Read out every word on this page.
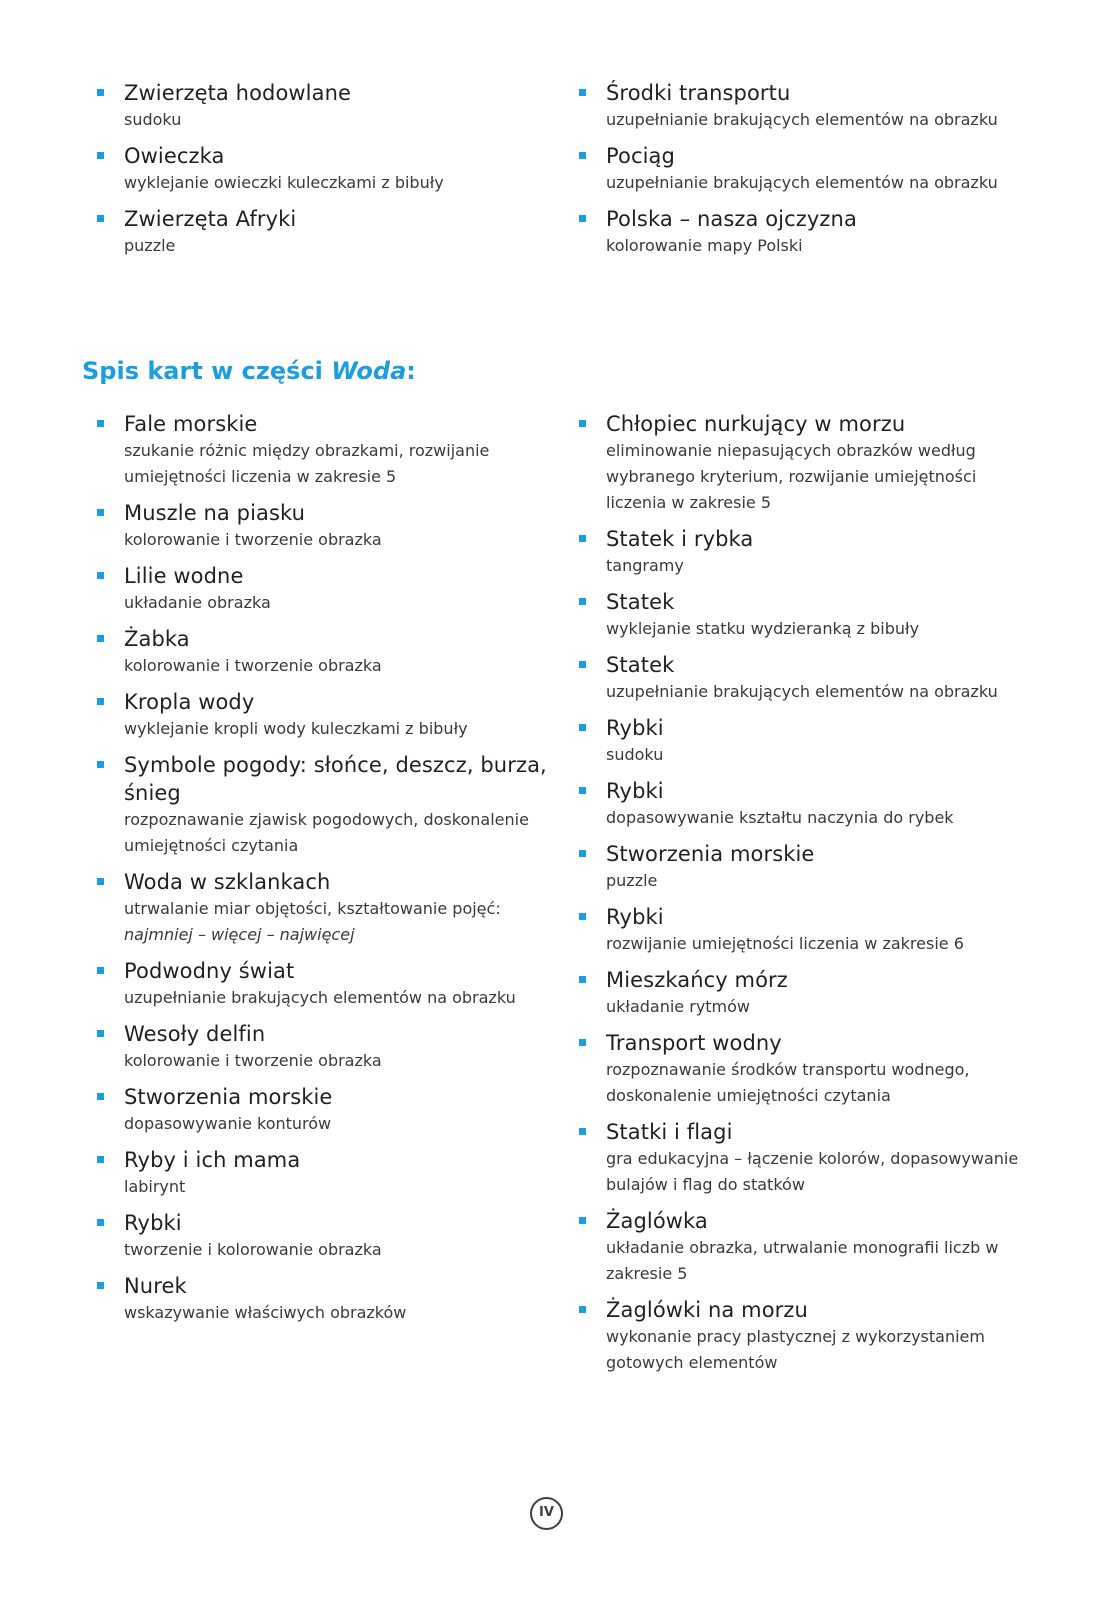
Zwierzęta hodowlane
sudoku
Owieczka
wyklejanie owieczki kuleczkami z bibuły
Zwierzęta Afryki
puzzle
Środki transportu
uzupełnianie brakujących elementów na obrazku
Pociąg
uzupełnianie brakujących elementów na obrazku
Polska – nasza ojczyzna
kolorowanie mapy Polski
Spis kart w części Woda:
Fale morskie
szukanie różnic między obrazkami, rozwijanie umiejętności liczenia w zakresie 5
Muszle na piasku
kolorowanie i tworzenie obrazka
Lilie wodne
układanie obrazka
Żabka
kolorowanie i tworzenie obrazka
Kropla wody
wyklejanie kropli wody kuleczkami z bibuły
Symbole pogody: słońce, deszcz, burza, śnieg
rozpoznawanie zjawisk pogodowych, doskonalenie umiejętności czytania
Woda w szklankach
utrwalanie miar objętości, kształtowanie pojęć:
najmniej – więcej – najwięcej
Podwodny świat
uzupełnianie brakujących elementów na obrazku
Wesoły delfin
kolorowanie i tworzenie obrazka
Stworzenia morskie
dopasowywanie konturów
Ryby i ich mama
labirynt
Rybki
tworzenie i kolorowanie obrazka
Nurek
wskazywanie właściwych obrazków
Chłopiec nurkujący w morzu
eliminowanie niepasujących obrazków według wybranego kryterium, rozwijanie umiejętności liczenia w zakresie 5
Statek i rybka
tangramy
Statek
wyklejanie statku wydzieranką z bibuły
Statek
uzupełnianie brakujących elementów na obrazku
Rybki
sudoku
Rybki
dopasowywanie kształtu naczynia do rybek
Stworzenia morskie
puzzle
Rybki
rozwijanie umiejętności liczenia w zakresie 6
Mieszkańcy mórz
układanie rytmów
Transport wodny
rozpoznawanie środków transportu wodnego, doskonalenie umiejętności czytania
Statki i flagi
gra edukacyjna – łączenie kolorów, dopasowywanie bulajów i flag do statków
Żaglówka
układanie obrazka, utrwalanie monografii liczb w zakresie 5
Żaglówki na morzu
wykonanie pracy plastycznej z wykorzystaniem gotowych elementów
IV
